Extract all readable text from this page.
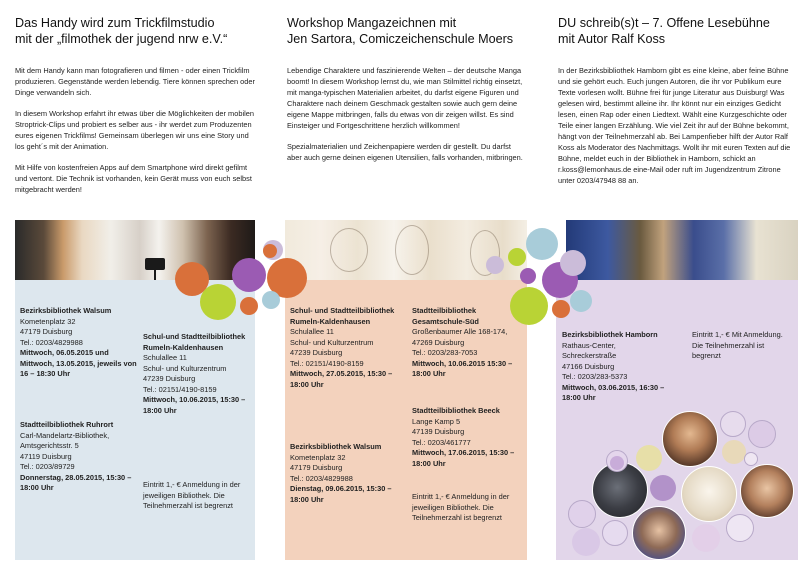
Das Handy wird zum Trickfilmstudio
mit der „filmothek der jugend nrw e.V.“

Mit dem Handy kann man fotografieren und filmen - oder einen Trickfilm produzieren. Gegenstände werden lebendig. Tiere können sprechen oder Dinge verwandeln sich.

In diesem Workshop erfahrt ihr etwas über die Möglichkeiten der mobilen Stroptrick-Clips und probiert es selber aus - ihr werdet zum Produzenten eures eigenen Trickfilms! Gemeinsam überlegen wir uns eine Story und los geht´s mit der Animation.

Mit Hilfe von kostenfreien Apps auf dem Smartphone wird direkt gefilmt und vertont. Die Technik ist vorhanden, kein Gerät muss von euch selbst mitgebracht werden!

Workshop Mangazeichnen mit
Jen Sartora, Comiczeichenschule Moers

Lebendige Charaktere und faszinierende Welten – der deutsche Manga boomt! In diesem Workshop lernst du, wie man Stilmittel richtig einsetzt, mit manga-typischen Materialien arbeitet, du darfst eigene Figuren und Charaktere nach deinem Geschmack gestalten sowie auch gern deine eigene Mappe mitbringen, falls du etwas von dir zeigen willst. Es sind Einsteiger und Fortgeschrittene herzlich willkommen!

Spezialmaterialien und Zeichenpapiere werden dir gestellt. Du darfst aber auch gerne deinen eigenen Utensilien, falls vorhanden, mitbringen.

DU schreib(s)t – 7. Offene Lesebühne
mit Autor Ralf Koss

In der Bezirksbibliothek Hamborn gibt es eine kleine, aber feine Bühne und sie gehört euch. Euch jungen Autoren, die ihr vor Publikum eure Texte vorlesen wollt. Bühne frei für junge Literatur aus Duisburg! Was gelesen wird, bestimmt alleine ihr. Ihr könnt nur ein einziges Gedicht lesen, einen Rap oder einen Liedtext. Wählt eine Kurzgeschichte oder Teile einer langen Erzählung. Wie viel Zeit ihr auf der Bühne bekommt, hängt von der Teilnehmerzahl ab. Bei Lampenfieber hilft der Autor Ralf Koss als Moderator des Nachmittags. Wollt ihr mit euren Texten auf die Bühne, meldet euch in der Bibliothek in Hamborn, schickt an r.koss@lemonhaus.de eine-Mail oder ruft im Jugendzentrum Zitrone unter 0203/47948 88 an.

Bezirksbibliothek Walsum
Kometenplatz 32
47179 Duisburg
Tel.: 0203/4829988
Mittwoch, 06.05.2015 und Mittwoch, 13.05.2015, jeweils von 16 – 18:30 Uhr
Schul-und Stadtteilbibliothek Rumeln-Kaldenhausen
Schulallee 11
Schul- und Kulturzentrum
47239 Duisburg
Tel.: 02151/4190-8159
Mittwoch, 10.06.2015, 15:30 – 18:00 Uhr
Stadtteilbibliothek Ruhrort
Carl-Mandelartz-Bibliothek,
Amtsgerichtsstr. 5
47119 Duisburg
Tel.: 0203/89729
Donnerstag, 28.05.2015, 15:30 – 18:00 Uhr	Eintritt 1,- € Anmeldung in der jeweiligen Bibliothek. Die Teilnehmerzahl ist begrenzt
Schul- und Stadtteilbibliothek Rumeln-Kaldenhausen
Schulallee 11
Schul- und Kulturzentrum
47239 Duisburg
Tel.: 02151/4190-8159
Mittwoch, 27.05.2015, 15:30 – 18:00 Uhr
Stadtteilbibliothek Gesamtschule-Süd
Großenbaumer Alle 168-174,
47269 Duisburg
Tel.: 0203/283-7053
Mittwoch, 10.06.2015 15:30 – 18:00 Uhr
Bezirksbibliothek Walsum
Kometenplatz 32
47179 Duisburg
Tel.: 0203/4829988
Dienstag, 09.06.2015, 15:30 – 18:00 Uhr
Stadtteilbibliothek Beeck
Lange Kamp 5
47139 Duisburg
Tel.: 0203/461777
Mittwoch, 17.06.2015, 15:30 – 18:00 Uhr
Eintritt 1,- € Anmeldung in der jeweiligen Bibliothek. Die Teilnehmerzahl ist begrenzt
Bezirksbibliothek Hamborn
Rathaus-Center,
Schreckerstraße
47166 Duisburg
Tel.: 0203/283-5373
Mittwoch, 03.06.2015, 16:30 – 18:00 Uhr
Eintritt 1,- € Mit Anmeldung. Die Teilnehmerzahl ist begrenzt
